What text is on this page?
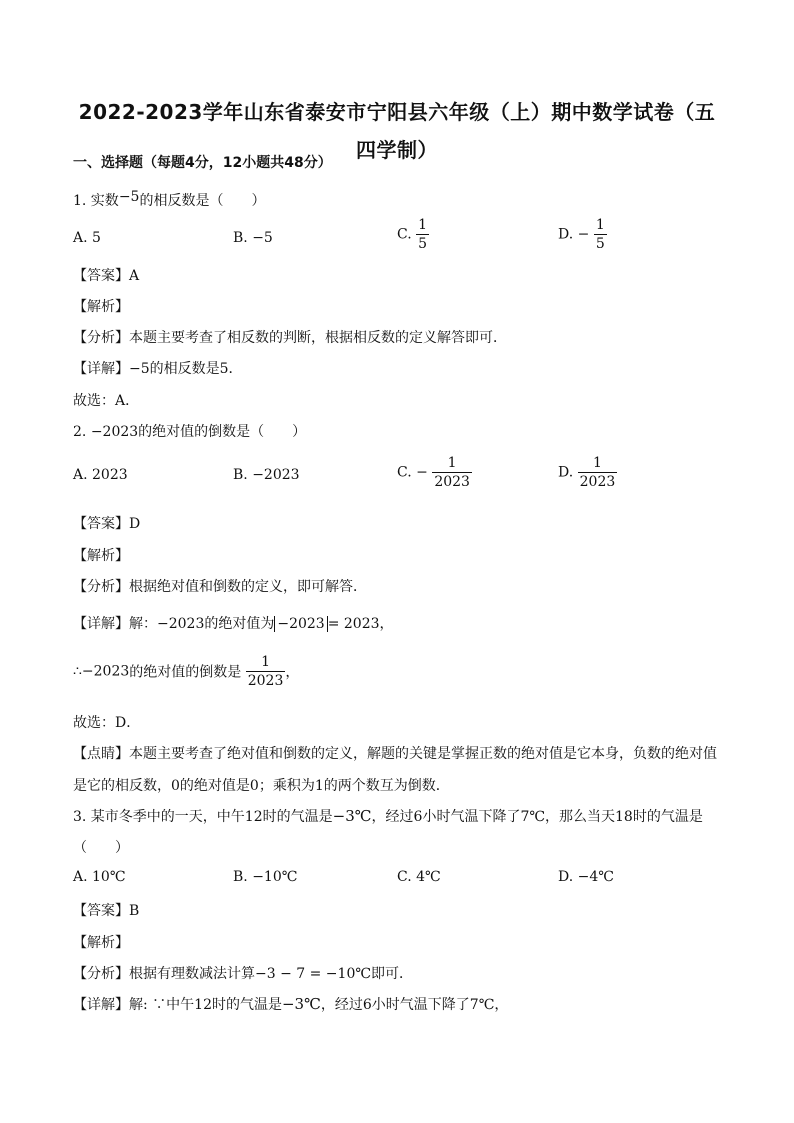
2022-2023学年山东省泰安市宁阳县六年级（上）期中数学试卷（五
四学制）
一、选择题（每题4分，12小题共48分）
1. 实数−5的相反数是（　　）
A. 5	B. −5	C. $\frac{1}{5}$	D. − $\frac{1}{5}$
【答案】A
【解析】
【分析】本题主要考查了相反数的判断，根据相反数的定义解答即可．
【详解】−5的相反数是5．
故选：A．
2. −2023的绝对值的倒数是（　　）
A. 2023	B. −2023	C. − $\frac{1}{2023}$	D. $\frac{1}{2023}$
【答案】D
【解析】
【分析】根据绝对值和倒数的定义，即可解答．
【详解】解：−2023的绝对值为 −2023 = 2023，
∴−2023的绝对值的倒数是 $\frac{1}{2023}$ ，
故选：D．
【点睛】本题主要考查了绝对值和倒数的定义，解题的关键是掌握正数的绝对值是它本身，负数的绝对值
是它的相反数，0的绝对值是0；乘积为1的两个数互为倒数．
3. 某市冬季中的一天，中午12时的气温是−3℃，经过6小时气温下降了7℃，那么当天18时的气温是
（　　）
A. 10℃	B. −10℃	C. 4℃	D. −4℃
【答案】B
【解析】
【分析】根据有理数减法计算−3 − 7 = −10℃即可．
【详解】解: ∵中午12时的气温是−3℃，经过6小时气温下降了7℃，
